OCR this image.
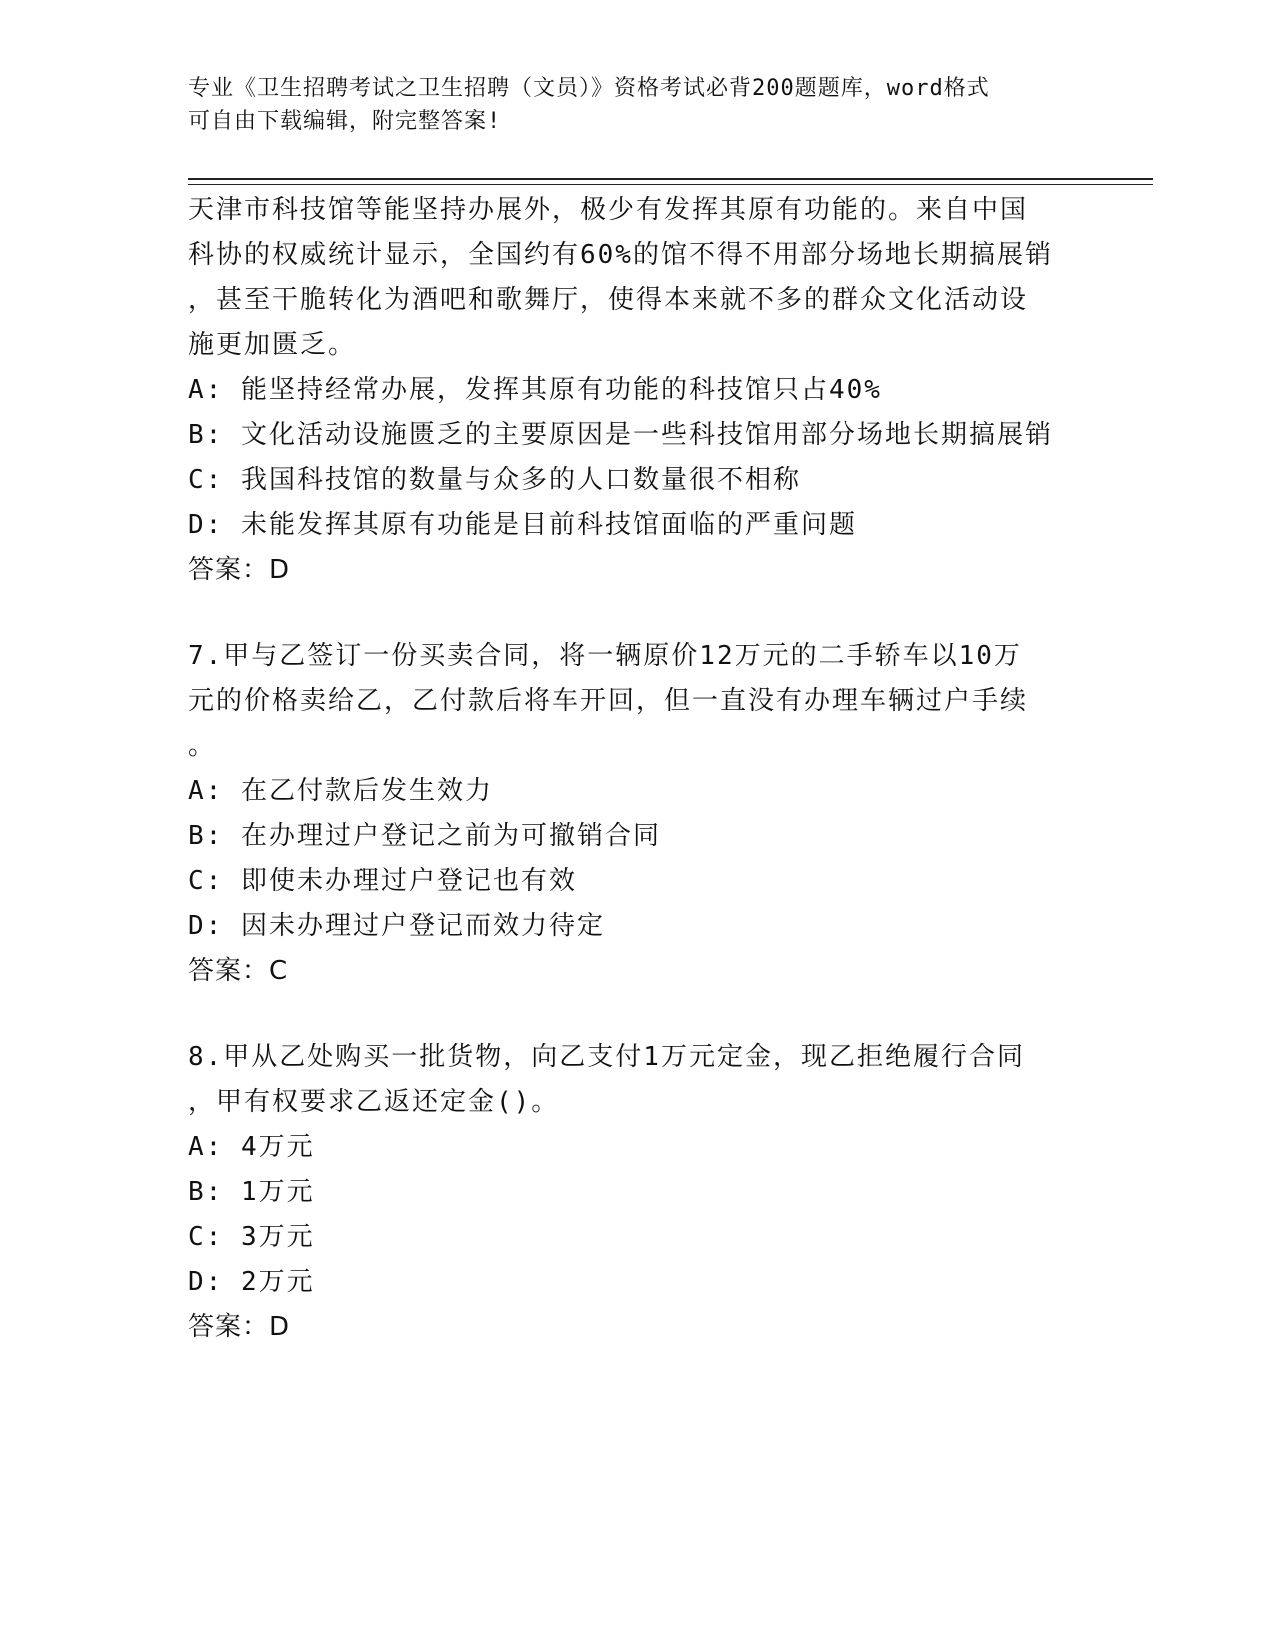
专业《卫生招聘考试之卫生招聘（文员）》资格考试必背200题题库，word格式
可自由下载编辑，附完整答案!
天津市科技馆等能坚持办展外，极少有发挥其原有功能的。来自中国
科协的权威统计显示，全国约有60%的馆不得不用部分场地长期搞展销
，甚至干脆转化为酒吧和歌舞厅，使得本来就不多的群众文化活动设
施更加匮乏。
A: 能坚持经常办展，发挥其原有功能的科技馆只占40%
B: 文化活动设施匮乏的主要原因是一些科技馆用部分场地长期搞展销
C: 我国科技馆的数量与众多的人口数量很不相称
D: 未能发挥其原有功能是目前科技馆面临的严重问题
答案：D
7.甲与乙签订一份买卖合同，将一辆原价12万元的二手轿车以10万
元的价格卖给乙，乙付款后将车开回，但一直没有办理车辆过户手续
。
A: 在乙付款后发生效力
B: 在办理过户登记之前为可撤销合同
C: 即使未办理过户登记也有效
D: 因未办理过户登记而效力待定
答案：C
8.甲从乙处购买一批货物，向乙支付1万元定金，现乙拒绝履行合同
，甲有权要求乙返还定金()。
A: 4万元
B: 1万元
C: 3万元
D: 2万元
答案：D
